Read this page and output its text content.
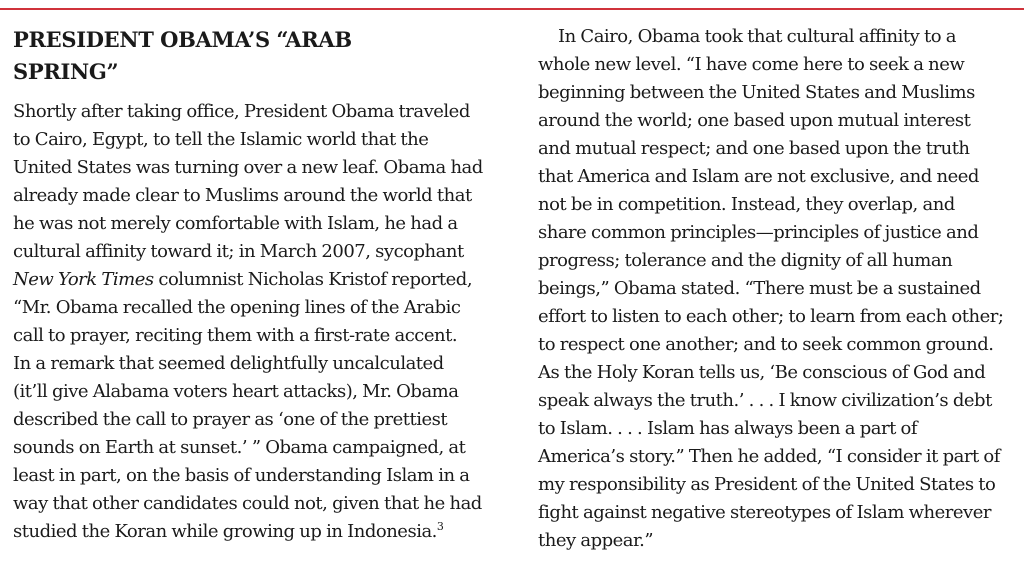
PRESIDENT OBAMA’S “ARAB
SPRING”

Shortly after taking office, President Obama traveled
to Cairo, Egypt, to tell the Islamic world that the
United States was turning over a new leaf. Obama had
already made clear to Muslims around the world that
he was not merely comfortable with Islam, he had a
cultural affinity toward it; in March 2007, sycophant
New York Times columnist Nicholas Kristof reported,
“Mr. Obama recalled the opening lines of the Arabic
call to prayer, reciting them with a first-rate accent.
In a remark that seemed delightfully uncalculated
(it’ll give Alabama voters heart attacks), Mr. Obama
described the call to prayer as ‘one of the prettiest
sounds on Earth at sunset.’ ” Obama campaigned, at
least in part, on the basis of understanding Islam in a
way that other candidates could not, given that he had
studied the Koran while growing up in Indonesia.$^3$

In Cairo, Obama took that cultural affinity to a
whole new level. “I have come here to seek a new
beginning between the United States and Muslims
around the world; one based upon mutual interest
and mutual respect; and one based upon the truth
that America and Islam are not exclusive, and need
not be in competition. Instead, they overlap, and
share common principles—principles of justice and
progress; tolerance and the dignity of all human
beings,” Obama stated. “There must be a sustained
effort to listen to each other; to learn from each other;
to respect one another; and to seek common ground.
As the Holy Koran tells us, ‘Be conscious of God and
speak always the truth.’ . . . I know civilization’s debt
to Islam. . . . Islam has always been a part of
America’s story.” Then he added, “I consider it part of
my responsibility as President of the United States to
fight against negative stereotypes of Islam wherever
they appear.”
